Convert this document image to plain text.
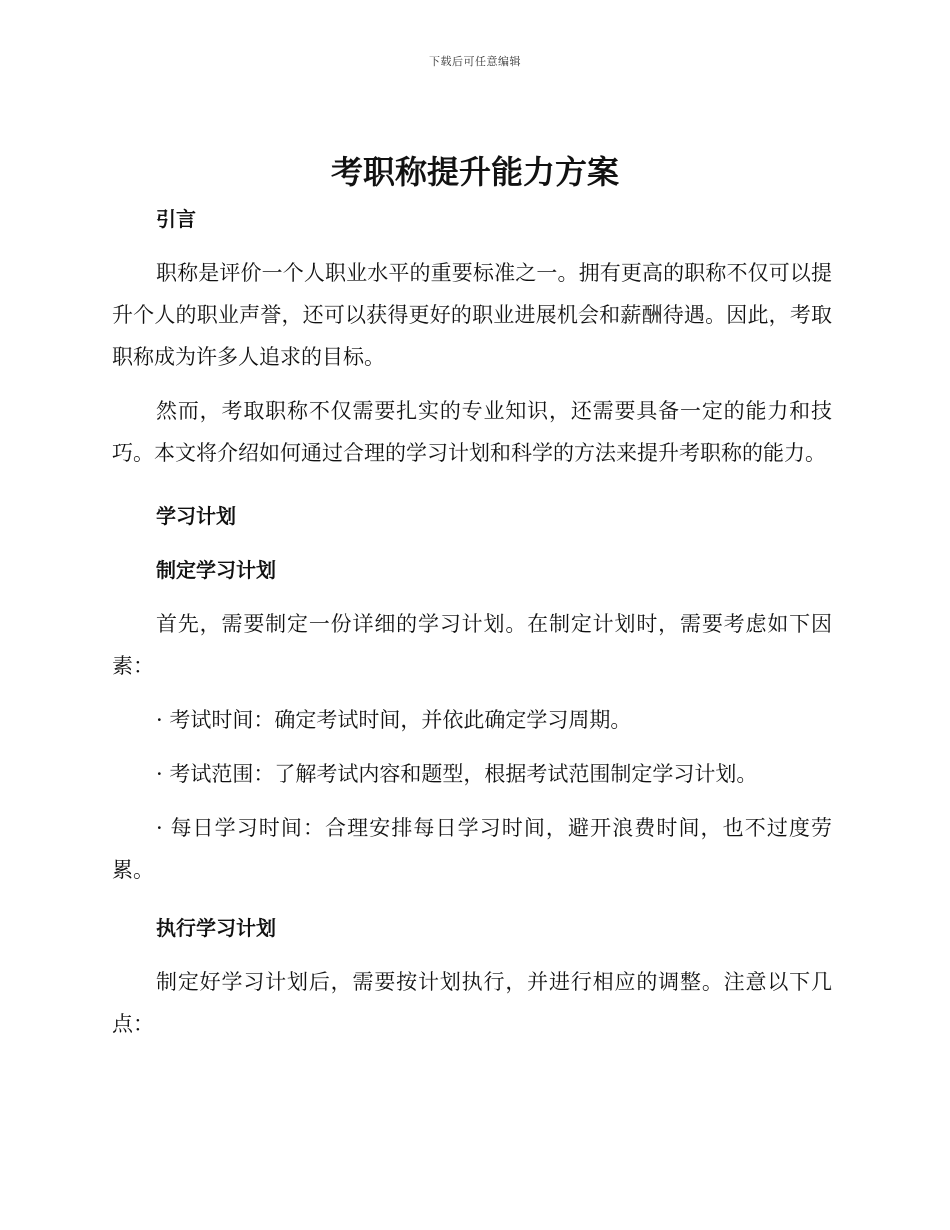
下载后可任意编辑
考职称提升能力方案
引言

职称是评价一个人职业水平的重要标准之一。拥有更高的职称不仅可以提升个人的职业声誉，还可以获得更好的职业进展机会和薪酬待遇。因此，考取职称成为许多人追求的目标。

然而，考取职称不仅需要扎实的专业知识，还需要具备一定的能力和技巧。本文将介绍如何通过合理的学习计划和科学的方法来提升考职称的能力。

学习计划
制定学习计划

首先，需要制定一份详细的学习计划。在制定计划时，需要考虑如下因素：

· 考试时间：确定考试时间，并依此确定学习周期。

· 考试范围：了解考试内容和题型，根据考试范围制定学习计划。

· 每日学习时间：合理安排每日学习时间，避开浪费时间，也不过度劳累。

执行学习计划

制定好学习计划后，需要按计划执行，并进行相应的调整。注意以下几点：
